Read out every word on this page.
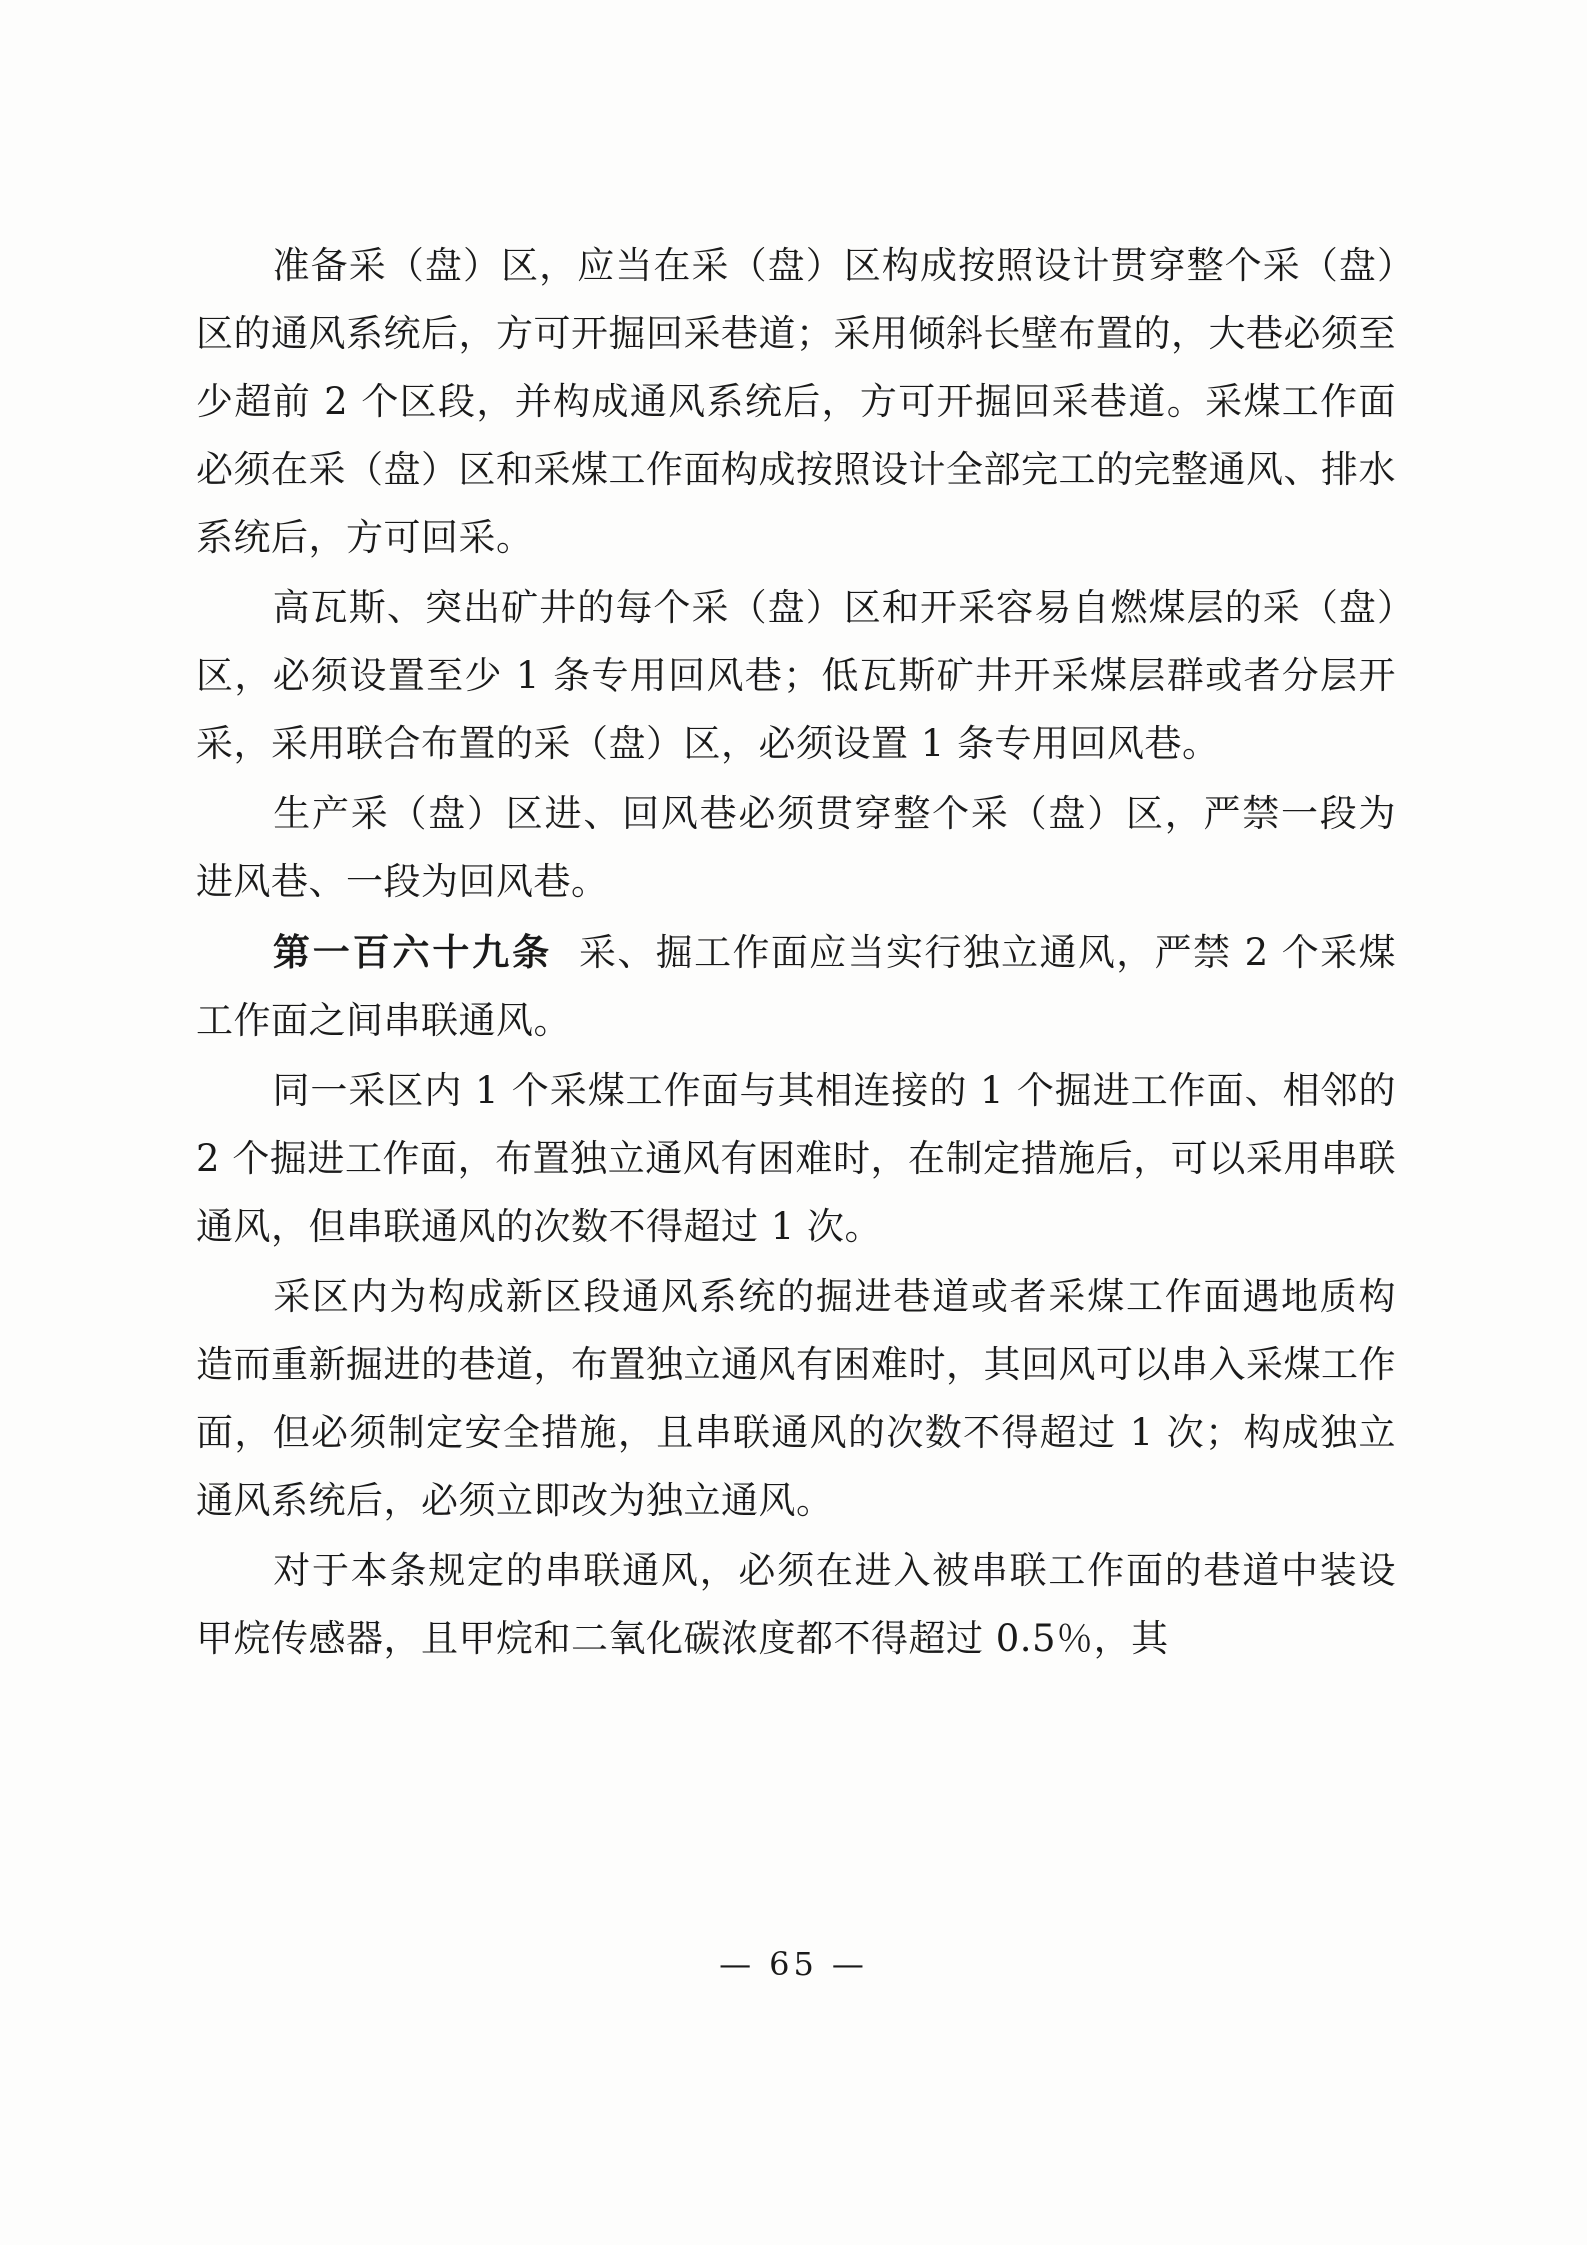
准备采（盘）区，应当在采（盘）区构成按照设计贯穿整个采（盘）区的通风系统后，方可开掘回采巷道；采用倾斜长壁布置的，大巷必须至少超前 2 个区段，并构成通风系统后，方可开掘回采巷道。采煤工作面必须在采（盘）区和采煤工作面构成按照设计全部完工的完整通风、排水系统后，方可回采。

高瓦斯、突出矿井的每个采（盘）区和开采容易自燃煤层的采（盘）区，必须设置至少 1 条专用回风巷；低瓦斯矿井开采煤层群或者分层开采，采用联合布置的采（盘）区，必须设置 1 条专用回风巷。

生产采（盘）区进、回风巷必须贯穿整个采（盘）区，严禁一段为进风巷、一段为回风巷。

第一百六十九条 采、掘工作面应当实行独立通风，严禁 2 个采煤工作面之间串联通风。

同一采区内 1 个采煤工作面与其相连接的 1 个掘进工作面、相邻的 2 个掘进工作面，布置独立通风有困难时，在制定措施后，可以采用串联通风，但串联通风的次数不得超过 1 次。

采区内为构成新区段通风系统的掘进巷道或者采煤工作面遇地质构造而重新掘进的巷道，布置独立通风有困难时，其回风可以串入采煤工作面，但必须制定安全措施，且串联通风的次数不得超过 1 次；构成独立通风系统后，必须立即改为独立通风。

对于本条规定的串联通风，必须在进入被串联工作面的巷道中装设甲烷传感器，且甲烷和二氧化碳浓度都不得超过 0.5％，其

— 65 —
